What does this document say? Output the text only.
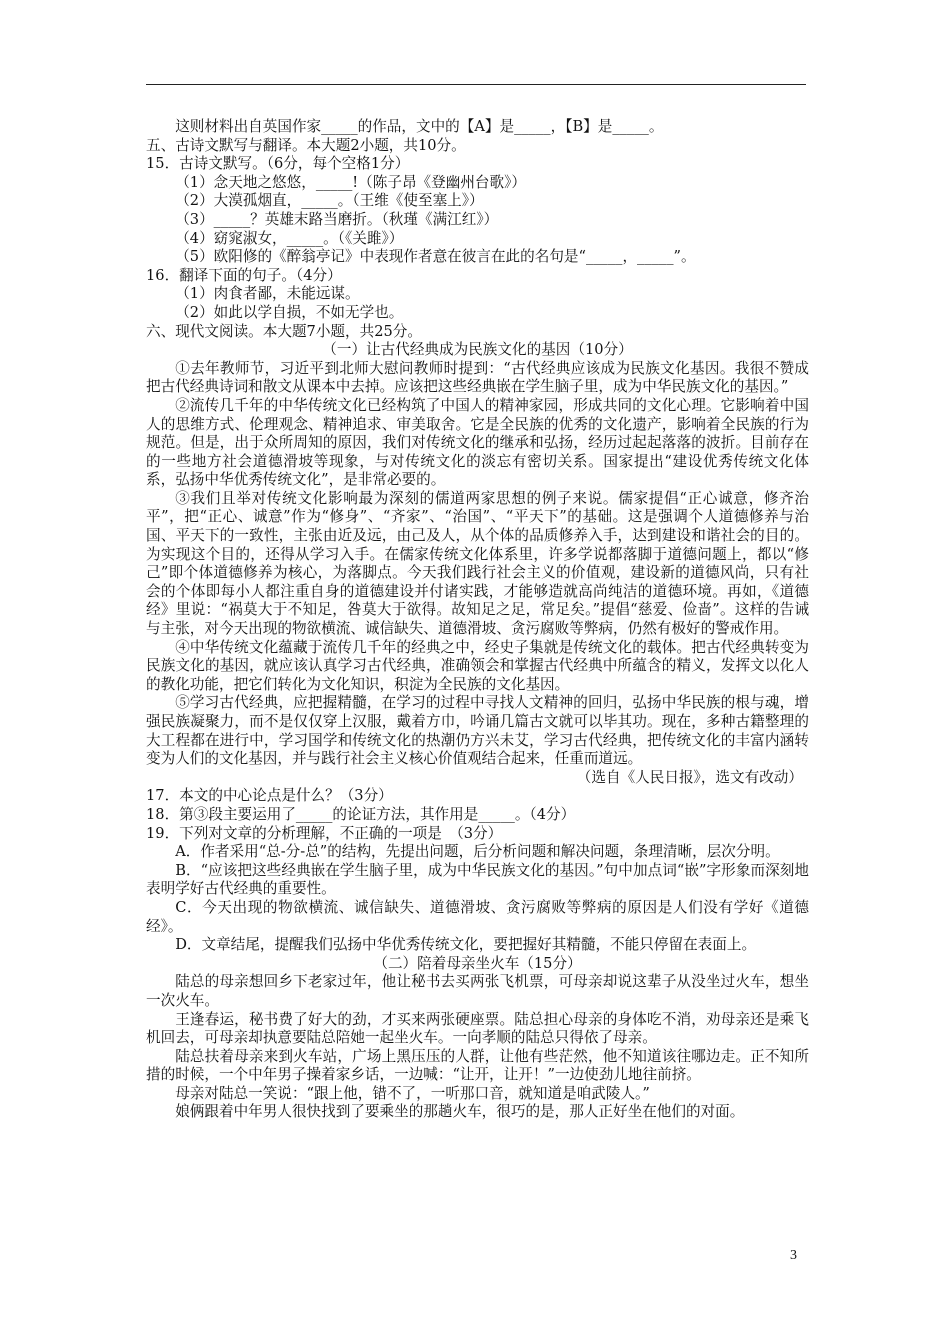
这则材料出自英国作家_____的作品，文中的【A】是_____，【B】是_____。

五、古诗文默写与翻译。本大题2小题，共10分。

15．古诗文默写。（6分，每个空格1分）

（1）念天地之悠悠，_____!（陈子昂《登幽州台歌》）

（2）大漠孤烟直，_____。（王维《使至塞上》）

（3）_____？英雄末路当磨折。（秋瑾《满江红》）

（4）窈窕淑女，_____。（《关雎》）

（5）欧阳修的《醉翁亭记》中表现作者意在彼言在此的名句是“_____，_____”。

16．翻译下面的句子。（4分）

（1）肉食者鄙，未能远谋。

（2）如此以学自损，不如无学也。

六、现代文阅读。本大题7小题，共25分。

（一）让古代经典成为民族文化的基因（10分）

①去年教师节，习近平到北师大慰问教师时提到：“古代经典应该成为民族文化基因。我很不赞成把古代经典诗词和散文从课本中去掉。应该把这些经典嵌在学生脑子里，成为中华民族文化的基因。”

②流传几千年的中华传统文化已经构筑了中国人的精神家园，形成共同的文化心理。它影响着中国人的思维方式、伦理观念、精神追求、审美取舍。它是全民族的优秀的文化遗产，影响着全民族的行为规范。但是，出于众所周知的原因，我们对传统文化的继承和弘扬，经历过起起落落的波折。目前存在的一些地方社会道德滑坡等现象，与对传统文化的淡忘有密切关系。国家提出“建设优秀传统文化体系，弘扬中华优秀传统文化”，是非常必要的。

③我们且举对传统文化影响最为深刻的儒道两家思想的例子来说。儒家提倡“正心诚意，修齐治平”，把“正心、诚意”作为“修身”、“齐家”、“治国”、“平天下”的基础。这是强调个人道德修养与治国、平天下的一致性，主张由近及远，由己及人，从个体的品质修养入手，达到建设和谐社会的目的。为实现这个目的，还得从学习入手。在儒家传统文化体系里，许多学说都落脚于道德问题上，都以“修己”即个体道德修养为核心，为落脚点。今天我们践行社会主义的价值观，建设新的道德风尚，只有社会的个体即每小人都注重自身的道德建设并付诸实践，才能够造就高尚纯洁的道德环境。再如，《道德经》里说：“祸莫大于不知足，咎莫大于欲得。故知足之足，常足矣。”提倡“慈爱、俭啬”。这样的告诫与主张，对今天出现的物欲横流、诚信缺失、道德滑坡、贪污腐败等弊病，仍然有极好的警戒作用。

④中华传统文化蕴藏于流传几千年的经典之中，经史子集就是传统文化的载体。把古代经典转变为民族文化的基因，就应该认真学习古代经典，准确领会和掌握古代经典中所蕴含的精义，发挥文以化人的教化功能，把它们转化为文化知识，积淀为全民族的文化基因。

⑤学习古代经典，应把握精髓，在学习的过程中寻找人文精神的回归，弘扬中华民族的根与魂，增强民族凝聚力，而不是仅仅穿上汉服，戴着方巾，吟诵几篇古文就可以毕其功。现在，多种古籍整理的大工程都在进行中，学习国学和传统文化的热潮仍方兴未艾，学习古代经典，把传统文化的丰富内涵转变为人们的文化基因，并与践行社会主义核心价值观结合起来，任重而道远。

（选自《人民日报》，选文有改动）

17．本文的中心论点是什么？（3分）

18．第③段主要运用了_____的论证方法，其作用是_____。（4分）

19．下列对文章的分析理解，不正确的一项是　（3分）

A．作者采用“总-分-总”的结构，先提出问题，后分析问题和解决问题，条理清晰，层次分明。

B．“应该把这些经典嵌在学生脑子里，成为中华民族文化的基因。”句中加点词“嵌”字形象而深刻地表明学好古代经典的重要性。

C．今天出现的物欲横流、诚信缺失、道德滑坡、贪污腐败等弊病的原因是人们没有学好《道德经》。

D．文章结尾，提醒我们弘扬中华优秀传统文化，要把握好其精髓，不能只停留在表面上。

（二）陪着母亲坐火车（15分）

陆总的母亲想回乡下老家过年，他让秘书去买两张飞机票，可母亲却说这辈子从没坐过火车，想坐一次火车。

王逢春运，秘书费了好大的劲，才买来两张硬座票。陆总担心母亲的身体吃不消，劝母亲还是乘飞机回去，可母亲却执意要陆总陪她一起坐火车。一向孝顺的陆总只得依了母亲。

陆总扶着母亲来到火车站，广场上黑压压的人群，让他有些茫然，他不知道该往哪边走。正不知所措的时候，一个中年男子操着家乡话，一边喊：“让开，让开！”一边使劲儿地往前挤。

母亲对陆总一笑说：“跟上他，错不了，一听那口音，就知道是咱武陵人。”

娘俩跟着中年男人很快找到了要乘坐的那趟火车，很巧的是，那人正好坐在他们的对面。

3
